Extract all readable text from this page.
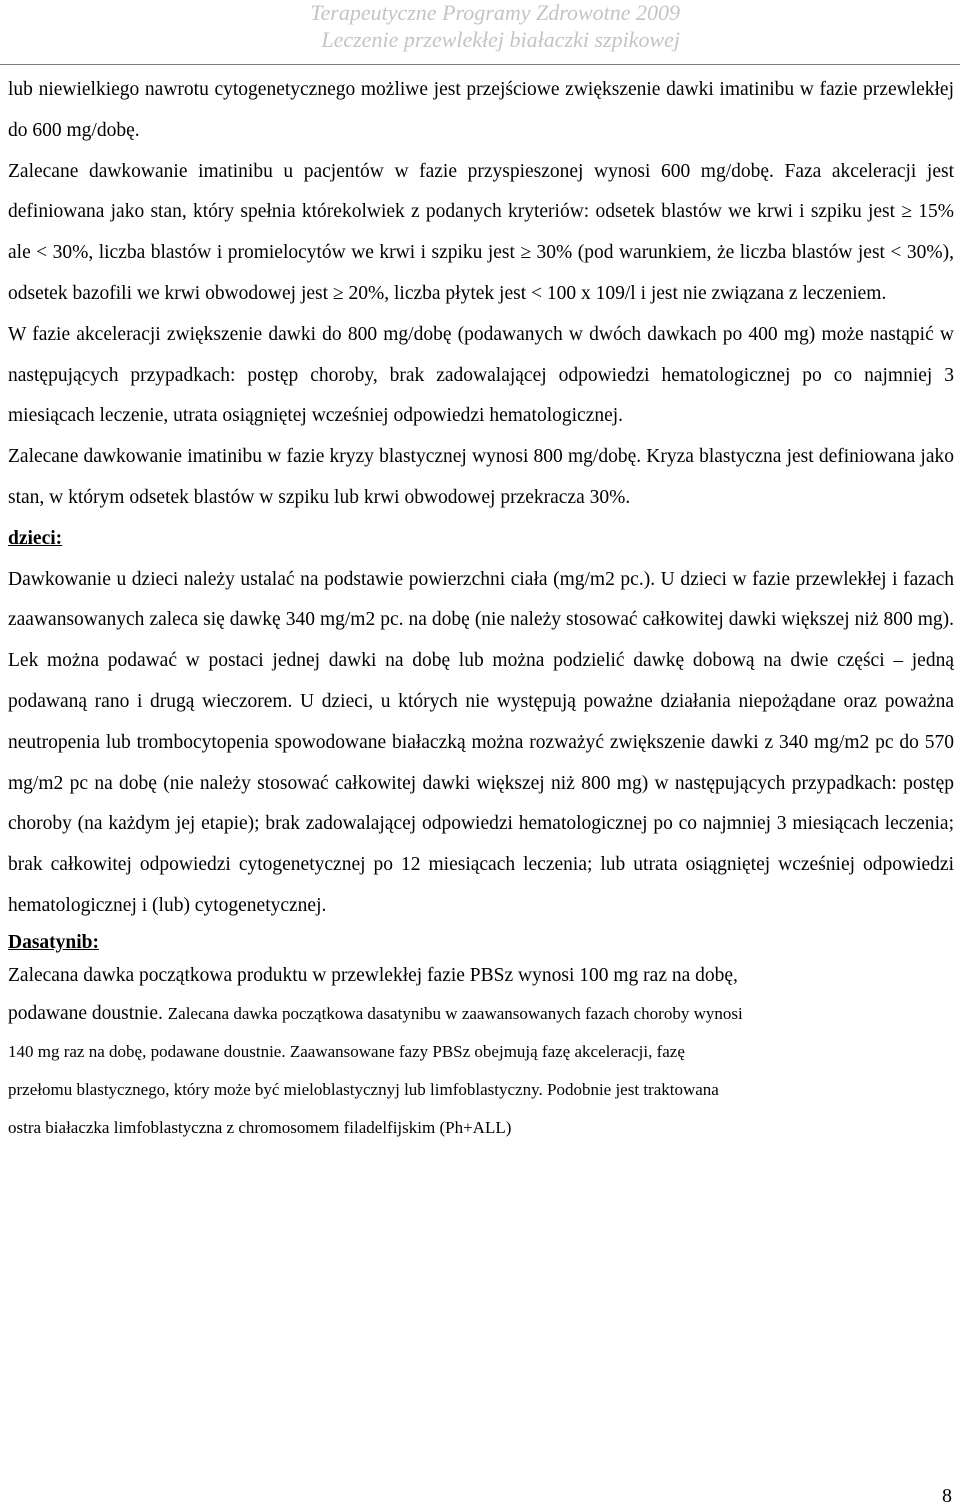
Terapeutyczne Programy Zdrowotne 2009
Leczenie przewlekłej białaczki szpikowej

lub niewielkiego nawrotu cytogenetycznego możliwe jest przejściowe zwiększenie dawki imatinibu w fazie przewlekłej do 600 mg/dobę.

Zalecane dawkowanie imatinibu u pacjentów w fazie przyspieszonej wynosi 600 mg/dobę. Faza akceleracji jest definiowana jako stan, który spełnia którekolwiek z podanych kryteriów: odsetek blastów we krwi i szpiku jest ≥ 15% ale < 30%, liczba blastów i promielocytów we krwi i szpiku jest ≥ 30% (pod warunkiem, że liczba blastów jest < 30%), odsetek bazofili we krwi obwodowej jest ≥ 20%, liczba płytek jest < 100 x 109/l i jest nie związana z leczeniem.

W fazie akceleracji zwiększenie dawki do 800 mg/dobę (podawanych w dwóch dawkach po 400 mg) może nastąpić w następujących przypadkach: postęp choroby, brak zadowalającej odpowiedzi hematologicznej po co najmniej 3 miesiącach leczenie, utrata osiągniętej wcześniej odpowiedzi hematologicznej.

Zalecane dawkowanie imatinibu w fazie kryzy blastycznej wynosi 800 mg/dobę. Kryza blastyczna jest definiowana jako stan, w którym odsetek blastów w szpiku lub krwi obwodowej przekracza 30%.

dzieci:

Dawkowanie u dzieci należy ustalać na podstawie powierzchni ciała (mg/m2 pc.). U dzieci w fazie przewlekłej i fazach zaawansowanych zaleca się dawkę 340 mg/m2 pc. na dobę (nie należy stosować całkowitej dawki większej niż 800 mg). Lek można podawać w postaci jednej dawki na dobę lub można podzielić dawkę dobową na dwie części – jedną podawaną rano i drugą wieczorem. U dzieci, u których nie występują poważne działania niepożądane oraz poważna neutropenia lub trombocytopenia spowodowane białaczką można rozważyć zwiększenie dawki z 340 mg/m2 pc do 570 mg/m2 pc na dobę (nie należy stosować całkowitej dawki większej niż 800 mg) w następujących przypadkach: postęp choroby (na każdym jej etapie); brak zadowalającej odpowiedzi hematologicznej po co najmniej 3 miesiącach leczenia; brak całkowitej odpowiedzi cytogenetycznej po 12 miesiącach leczenia; lub utrata osiągniętej wcześniej odpowiedzi hematologicznej i (lub) cytogenetycznej.

Dasatynib:

Zalecana dawka początkowa produktu w przewlekłej fazie PBSz wynosi 100 mg raz na dobę,
podawane doustnie. Zalecana dawka początkowa dasatynibu w zaawansowanych fazach choroby wynosi
140 mg raz na dobę, podawane doustnie. Zaawansowane fazy PBSz obejmują fazę akceleracji, fazę
przełomu blastycznego, który może być mieloblastycznyj lub limfoblastyczny. Podobnie jest traktowana
ostra białaczka limfoblastyczna z chromosomem filadelfijskim (Ph+ALL)
8
